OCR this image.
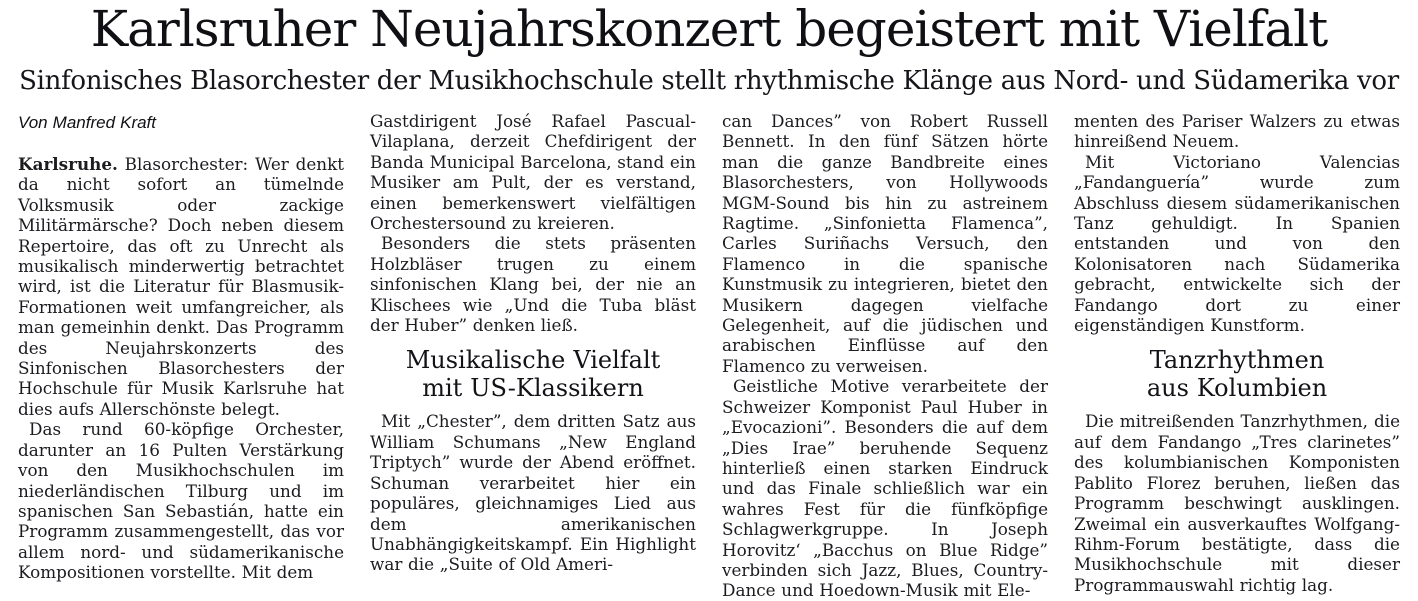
Karlsruher Neujahrskonzert begeistert mit Vielfalt
Sinfonisches Blasorchester der Musikhochschule stellt rhythmische Klänge aus Nord- und Südamerika vor

Von Manfred Kraft

Karlsruhe. Blasorchester: Wer denkt da nicht sofort an tümelnde Volksmusik oder zackige Militärmärsche? Doch neben diesem Repertoire, das oft zu Unrecht als musikalisch minderwertig betrachtet wird, ist die Literatur für Blasmusik-Formationen weit umfangreicher, als man gemeinhin denkt. Das Programm des Neujahrskonzerts des Sinfonischen Blasorchesters der Hochschule für Musik Karlsruhe hat dies aufs Allerschönste belegt.

Das rund 60-köpfige Orchester, darunter an 16 Pulten Verstärkung von den Musikhochschulen im niederländischen Tilburg und im spanischen San Sebastián, hatte ein Programm zusammengestellt, das vor allem nord- und südamerikanische Kompositionen vorstellte. Mit dem

Gastdirigent José Rafael Pascual-Vilaplana, derzeit Chefdirigent der Banda Municipal Barcelona, stand ein Musiker am Pult, der es verstand, einen bemerkenswert vielfältigen Orchestersound zu kreieren.

Besonders die stets präsenten Holzbläser trugen zu einem sinfonischen Klang bei, der nie an Klischees wie „Und die Tuba bläst der Huber” denken ließ.

Musikalische Vielfalt
mit US-Klassikern

Mit „Chester”, dem dritten Satz aus William Schumans „New England Triptych” wurde der Abend eröffnet. Schuman verarbeitet hier ein populäres, gleichnamiges Lied aus dem amerikanischen Unabhängigkeitskampf. Ein Highlight war die „Suite of Old Ameri-

can Dances” von Robert Russell Bennett. In den fünf Sätzen hörte man die ganze Bandbreite eines Blasorchesters, von Hollywoods MGM-Sound bis hin zu astreinem Ragtime. „Sinfonietta Flamenca”, Carles Suriñachs Versuch, den Flamenco in die spanische Kunstmusik zu integrieren, bietet den Musikern dagegen vielfache Gelegenheit, auf die jüdischen und arabischen Einflüsse auf den Flamenco zu verweisen.

Geistliche Motive verarbeitete der Schweizer Komponist Paul Huber in „Evocazioni”. Besonders die auf dem „Dies Irae” beruhende Sequenz hinterließ einen starken Eindruck und das Finale schließlich war ein wahres Fest für die fünfköpfige Schlagwerkgruppe. In Joseph Horovitz‘ „Bacchus on Blue Ridge” verbinden sich Jazz, Blues, Country-Dance und Hoedown-Musik mit Ele-

menten des Pariser Walzers zu etwas hinreißend Neuem.

Mit Victoriano Valencias „Fandanguería” wurde zum Abschluss diesem südamerikanischen Tanz gehuldigt. In Spanien entstanden und von den Kolonisatoren nach Südamerika gebracht, entwickelte sich der Fandango dort zu einer eigenständigen Kunstform.

Tanzrhythmen
aus Kolumbien

Die mitreißenden Tanzrhythmen, die auf dem Fandango „Tres clarinetes” des kolumbianischen Komponisten Pablito Florez beruhen, ließen das Programm beschwingt ausklingen. Zweimal ein ausverkauftes Wolfgang-Rihm-Forum bestätigte, dass die Musikhochschule mit dieser Programmauswahl richtig lag.
